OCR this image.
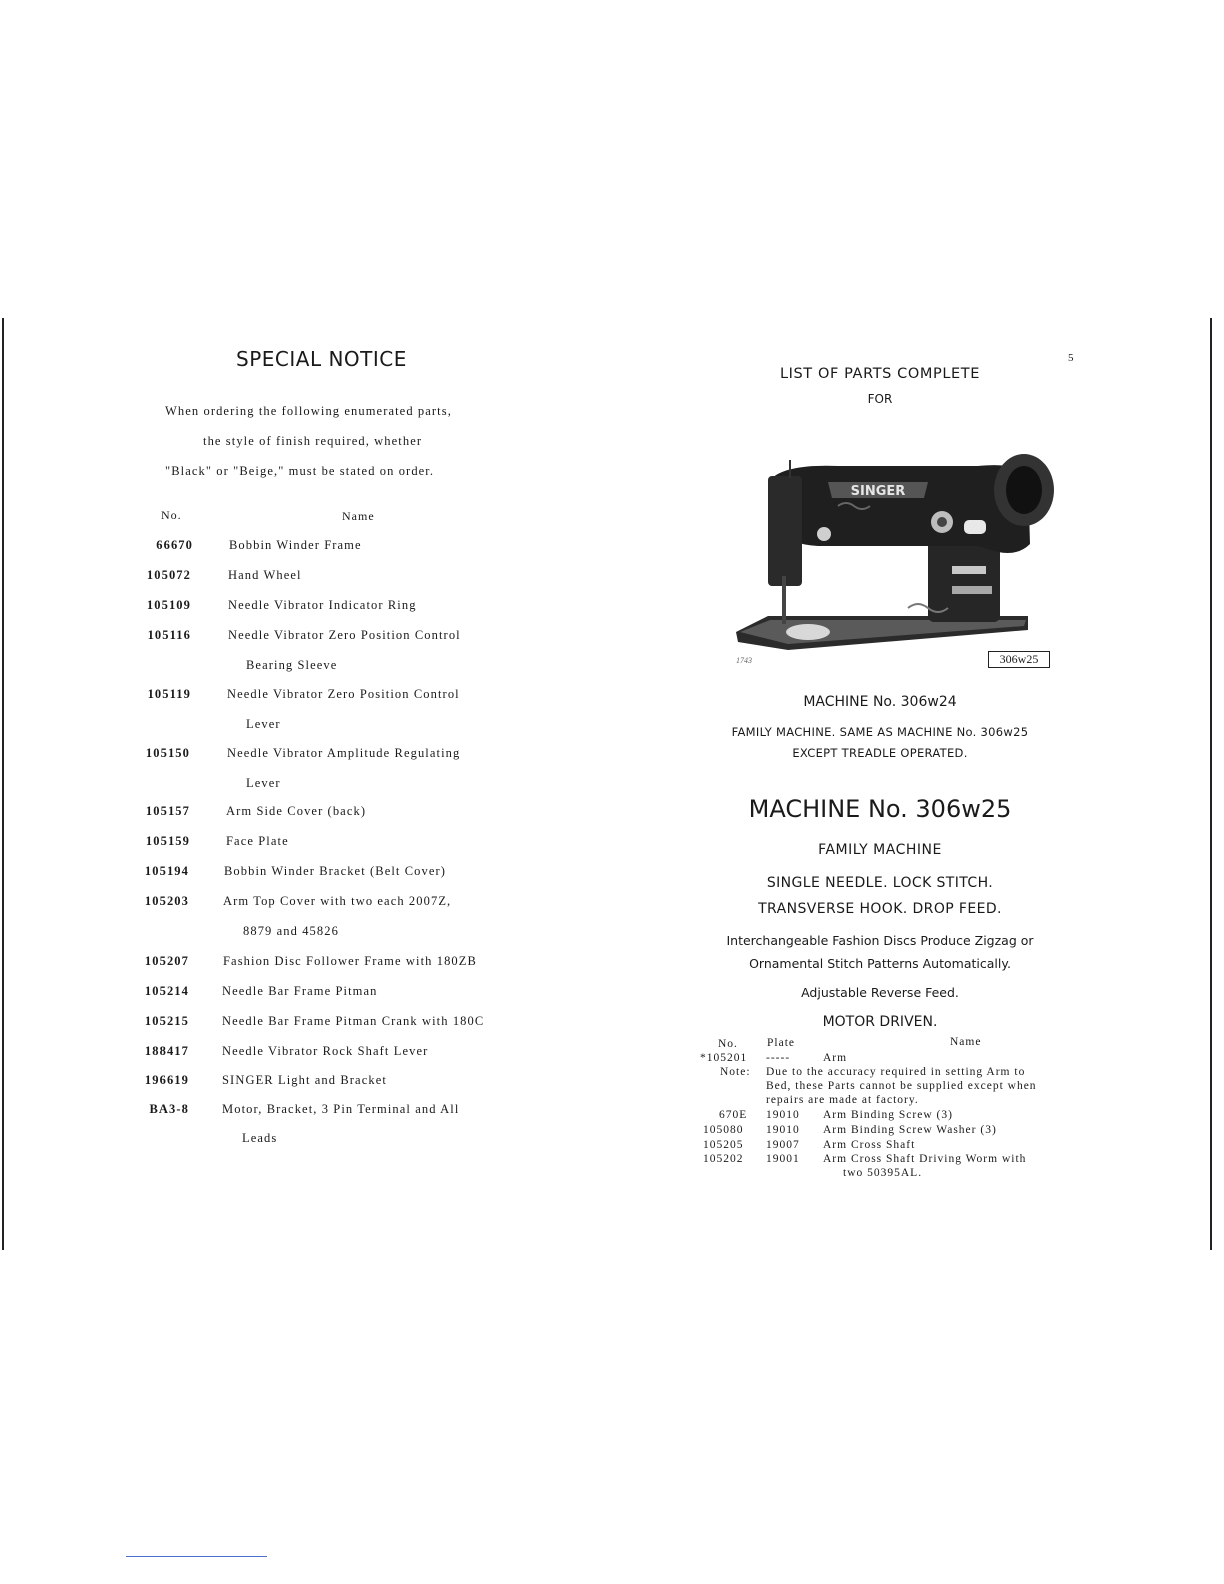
SPECIAL NOTICE
When ordering the following enumerated parts,
the style of finish required, whether
"Black" or "Beige," must be stated on order.
No.	Name
66670	Bobbin Winder Frame
105072	Hand Wheel
105109	Needle Vibrator Indicator Ring
105116	Needle Vibrator Zero Position Control
Bearing Sleeve
105119	Needle Vibrator Zero Position Control
Lever
105150	Needle Vibrator Amplitude Regulating
Lever
105157	Arm Side Cover (back)
105159	Face Plate
105194	Bobbin Winder Bracket (Belt Cover)
105203	Arm Top Cover with two each 2007Z,
8879 and 45826
105207	Fashion Disc Follower Frame with 180ZB
105214	Needle Bar Frame Pitman
105215	Needle Bar Frame Pitman Crank with 180C
188417	Needle Vibrator Rock Shaft Lever
196619	SINGER Light and Bracket
BA3-8	Motor, Bracket, 3 Pin Terminal and All
Leads
5
LIST OF PARTS COMPLETE
FOR
SINGER
1743	306w25
MACHINE No. 306w24
FAMILY MACHINE. SAME AS MACHINE No. 306w25
EXCEPT TREADLE OPERATED.
MACHINE No. 306w25
FAMILY MACHINE
SINGLE NEEDLE. LOCK STITCH.
TRANSVERSE HOOK. DROP FEED.
Interchangeable Fashion Discs Produce Zigzag or
Ornamental Stitch Patterns Automatically.
Adjustable Reverse Feed.
MOTOR DRIVEN.
No.	Plate	Name
*105201 -----	Arm
Note: Due to the accuracy required in setting Arm to
Bed, these Parts cannot be supplied except when
repairs are made at factory.
670E 19010 Arm Binding Screw (3)
105080 19010 Arm Binding Screw Washer (3)
105205 19007 Arm Cross Shaft
105202 19001 Arm Cross Shaft Driving Worm with
two 50395AL.
